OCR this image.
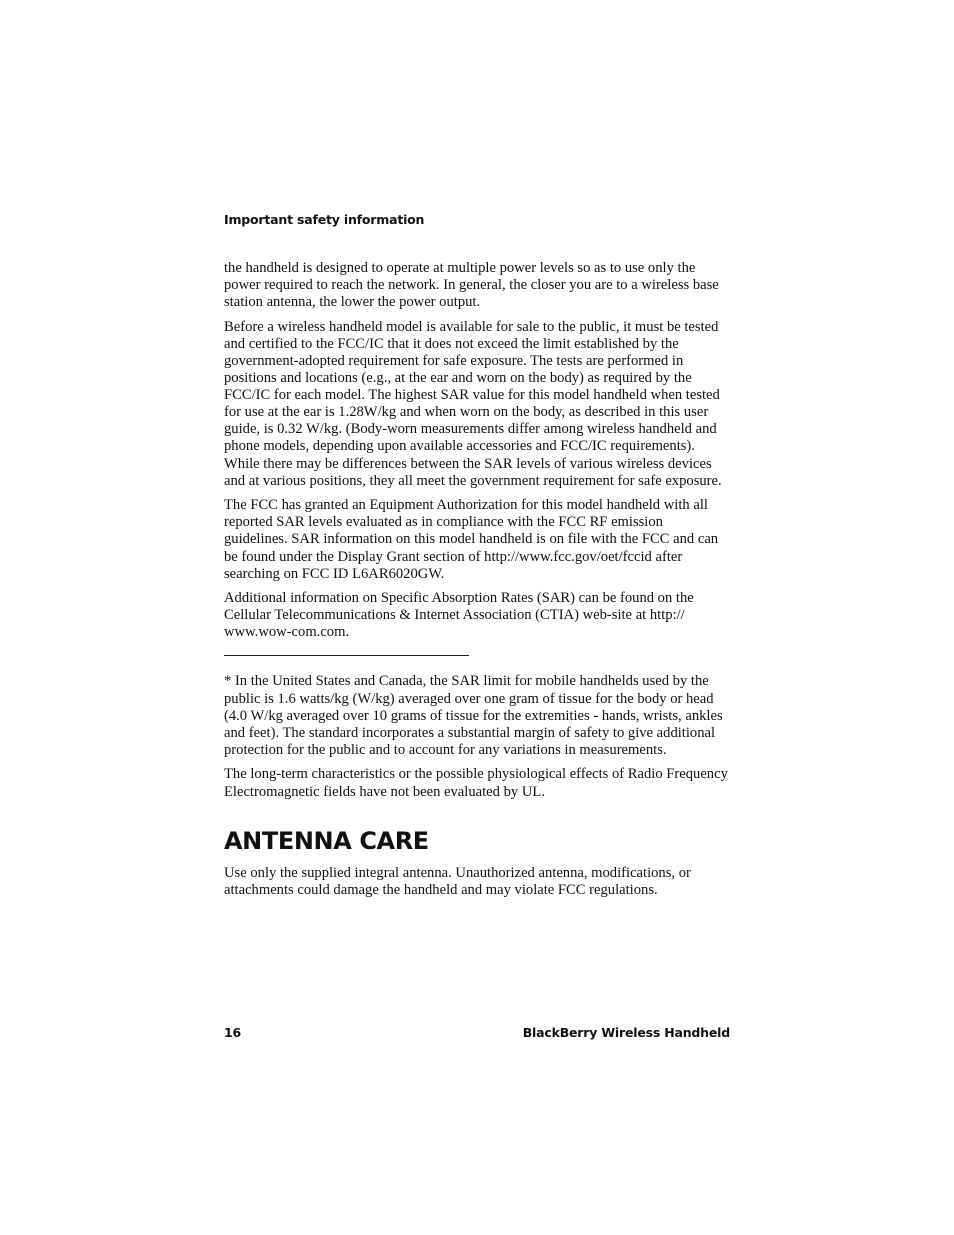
Important safety information

the handheld is designed to operate at multiple power levels so as to use only the power required to reach the network. In general, the closer you are to a wireless base station antenna, the lower the power output.

Before a wireless handheld model is available for sale to the public, it must be tested and certified to the FCC/IC that it does not exceed the limit established by the government-adopted requirement for safe exposure. The tests are performed in positions and locations (e.g., at the ear and worn on the body) as required by the FCC/IC for each model. The highest SAR value for this model handheld when tested for use at the ear is 1.28W/kg and when worn on the body, as described in this user guide, is 0.32 W/kg. (Body-worn measurements differ among wireless handheld and phone models, depending upon available accessories and FCC/IC requirements). While there may be differences between the SAR levels of various wireless devices and at various positions, they all meet the government requirement for safe exposure.

The FCC has granted an Equipment Authorization for this model handheld with all reported SAR levels evaluated as in compliance with the FCC RF emission guidelines. SAR information on this model handheld is on file with the FCC and can be found under the Display Grant section of http://www.fcc.gov/oet/fccid after searching on FCC ID L6AR6020GW.

Additional information on Specific Absorption Rates (SAR) can be found on the Cellular Telecommunications & Internet Association (CTIA) web-site at http:// www.wow-com.com.

* In the United States and Canada, the SAR limit for mobile handhelds used by the public is 1.6 watts/kg (W/kg) averaged over one gram of tissue for the body or head (4.0 W/kg averaged over 10 grams of tissue for the extremities - hands, wrists, ankles and feet). The standard incorporates a substantial margin of safety to give additional protection for the public and to account for any variations in measurements.

The long-term characteristics or the possible physiological effects of Radio Frequency Electromagnetic fields have not been evaluated by UL.

ANTENNA CARE

Use only the supplied integral antenna. Unauthorized antenna, modifications, or attachments could damage the handheld and may violate FCC regulations.

16	BlackBerry Wireless Handheld
